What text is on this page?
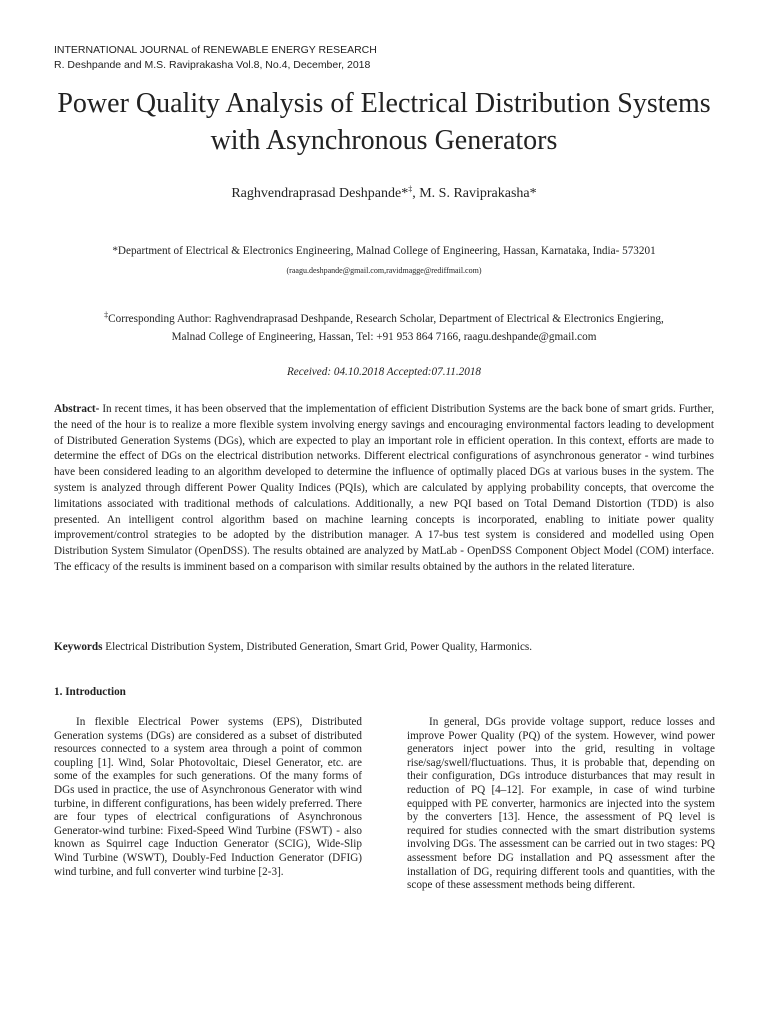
INTERNATIONAL JOURNAL of RENEWABLE ENERGY RESEARCH
R. Deshpande and M.S. Raviprakasha Vol.8, No.4, December, 2018
Power Quality Analysis of Electrical Distribution Systems with Asynchronous Generators
Raghvendraprasad Deshpande*‡, M. S. Raviprakasha*
*Department of Electrical & Electronics Engineering, Malnad College of Engineering, Hassan, Karnataka, India- 573201
(raagu.deshpande@gmail.com,ravidmagge@rediffmail.com)
‡Corresponding Author: Raghvendraprasad Deshpande, Research Scholar, Department of Electrical & Electronics Engiering,
Malnad College of Engineering, Hassan, Tel: +91 953 864 7166, raagu.deshpande@gmail.com
Received: 04.10.2018 Accepted:07.11.2018
Abstract- In recent times, it has been observed that the implementation of efficient Distribution Systems are the back bone of smart grids. Further, the need of the hour is to realize a more flexible system involving energy savings and encouraging environmental factors leading to development of Distributed Generation Systems (DGs), which are expected to play an important role in efficient operation. In this context, efforts are made to determine the effect of DGs on the electrical distribution networks. Different electrical configurations of asynchronous generator - wind turbines have been considered leading to an algorithm developed to determine the influence of optimally placed DGs at various buses in the system. The system is analyzed through different Power Quality Indices (PQIs), which are calculated by applying probability concepts, that overcome the limitations associated with traditional methods of calculations. Additionally, a new PQI based on Total Demand Distortion (TDD) is also presented. An intelligent control algorithm based on machine learning concepts is incorporated, enabling to initiate power quality improvement/control strategies to be adopted by the distribution manager. A 17-bus test system is considered and modelled using Open Distribution System Simulator (OpenDSS). The results obtained are analyzed by MatLab - OpenDSS Component Object Model (COM) interface. The efficacy of the results is imminent based on a comparison with similar results obtained by the authors in the related literature.
Keywords Electrical Distribution System, Distributed Generation, Smart Grid, Power Quality, Harmonics.
1. Introduction

In flexible Electrical Power systems (EPS), Distributed Generation systems (DGs) are considered as a subset of distributed resources connected to a system area through a point of common coupling [1]. Wind, Solar Photovoltaic, Diesel Generator, etc. are some of the examples for such generations. Of the many forms of DGs used in practice, the use of Asynchronous Generator with wind turbine, in different configurations, has been widely preferred. There are four types of electrical configurations of Asynchronous Generator-wind turbine: Fixed-Speed Wind Turbine (FSWT) - also known as Squirrel cage Induction Generator (SCIG), Wide-Slip Wind Turbine (WSWT), Doubly-Fed Induction Generator (DFIG) wind turbine, and full converter wind turbine [2-3].

In general, DGs provide voltage support, reduce losses and improve Power Quality (PQ) of the system. However, wind power generators inject power into the grid, resulting in voltage rise/sag/swell/fluctuations. Thus, it is probable that, depending on their configuration, DGs introduce disturbances that may result in reduction of PQ [4–12]. For example, in case of wind turbine equipped with PE converter, harmonics are injected into the system by the converters [13]. Hence, the assessment of PQ level is required for studies connected with the smart distribution systems involving DGs. The assessment can be carried out in two stages: PQ assessment before DG installation and PQ assessment after the installation of DG, requiring different tools and quantities, with the scope of these assessment methods being different.
